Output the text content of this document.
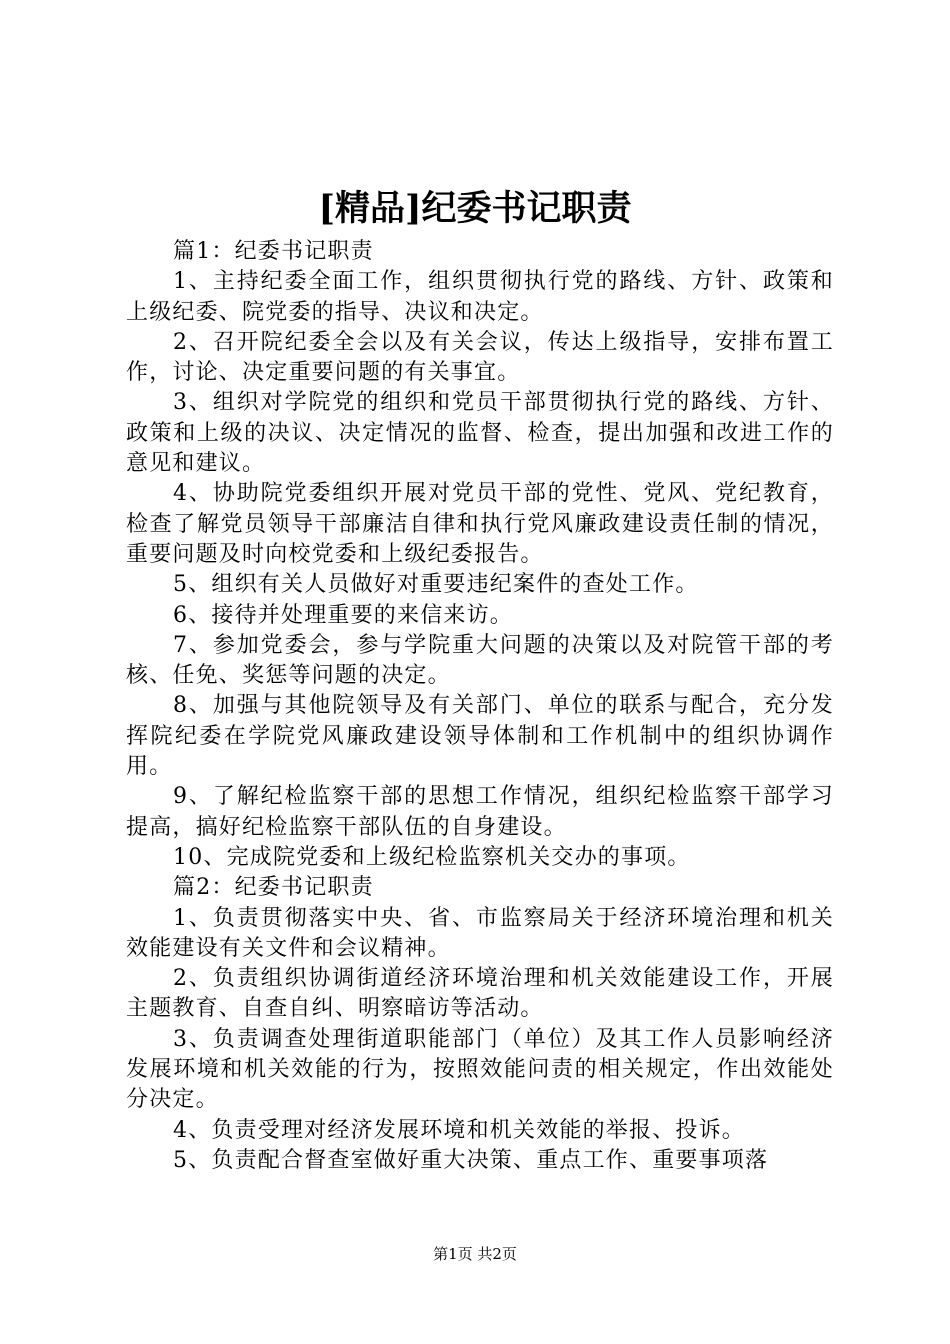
[精品]纪委书记职责

篇1：纪委书记职责

1、主持纪委全面工作，组织贯彻执行党的路线、方针、政策和上级纪委、院党委的指导、决议和决定。

2、召开院纪委全会以及有关会议，传达上级指导，安排布置工作，讨论、决定重要问题的有关事宜。

3、组织对学院党的组织和党员干部贯彻执行党的路线、方针、政策和上级的决议、决定情况的监督、检查，提出加强和改进工作的意见和建议。

4、协助院党委组织开展对党员干部的党性、党风、党纪教育，检查了解党员领导干部廉洁自律和执行党风廉政建设责任制的情况，重要问题及时向校党委和上级纪委报告。

5、组织有关人员做好对重要违纪案件的查处工作。

6、接待并处理重要的来信来访。

7、参加党委会，参与学院重大问题的决策以及对院管干部的考核、任免、奖惩等问题的决定。

8、加强与其他院领导及有关部门、单位的联系与配合，充分发挥院纪委在学院党风廉政建设领导体制和工作机制中的组织协调作用。

9、了解纪检监察干部的思想工作情况，组织纪检监察干部学习提高，搞好纪检监察干部队伍的自身建设。

10、完成院党委和上级纪检监察机关交办的事项。

篇2：纪委书记职责

1、负责贯彻落实中央、省、市监察局关于经济环境治理和机关效能建设有关文件和会议精神。

2、负责组织协调街道经济环境治理和机关效能建设工作，开展主题教育、自查自纠、明察暗访等活动。

3、负责调查处理街道职能部门（单位）及其工作人员影响经济发展环境和机关效能的行为，按照效能问责的相关规定，作出效能处分决定。

4、负责受理对经济发展环境和机关效能的举报、投诉。

5、负责配合督查室做好重大决策、重点工作、重要事项落

第1页 共2页
